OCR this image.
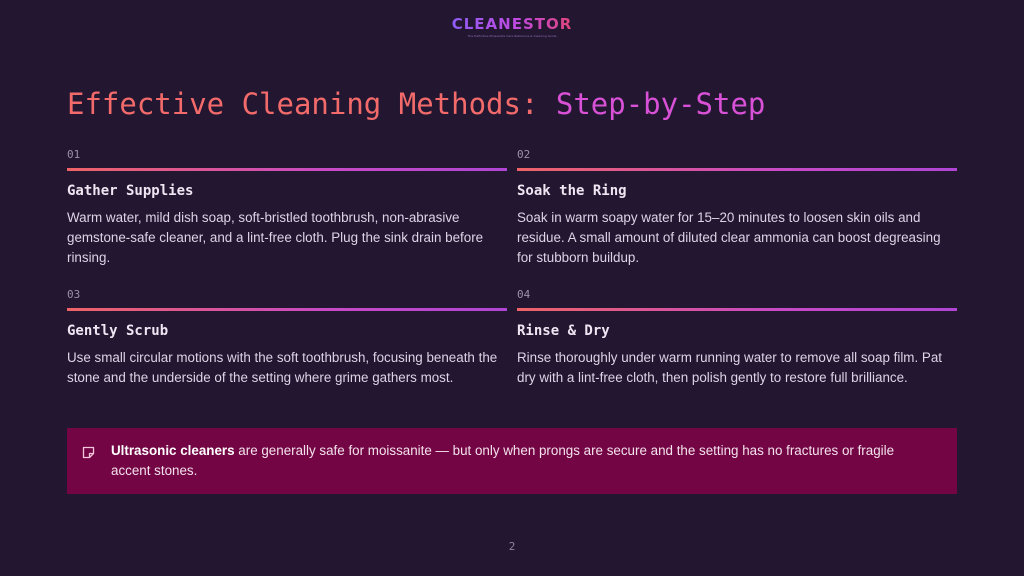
CLEANESTOR
The Definitive Moissanite Care Reference & Cleaning Guide
Effective Cleaning Methods: Step-by-Step
01
Gather Supplies
Warm water, mild dish soap, soft-bristled toothbrush, non-abrasive gemstone-safe cleaner, and a lint-free cloth. Plug the sink drain before rinsing.
02
Soak the Ring
Soak in warm soapy water for 15–20 minutes to loosen skin oils and residue. A small amount of diluted clear ammonia can boost degreasing for stubborn buildup.
03
Gently Scrub
Use small circular motions with the soft toothbrush, focusing beneath the stone and the underside of the setting where grime gathers most.
04
Rinse & Dry
Rinse thoroughly under warm running water to remove all soap film. Pat dry with a lint-free cloth, then polish gently to restore full brilliance.

Ultrasonic cleaners are generally safe for moissanite — but only when prongs are secure and the setting has no fractures or fragile accent stones.

2
